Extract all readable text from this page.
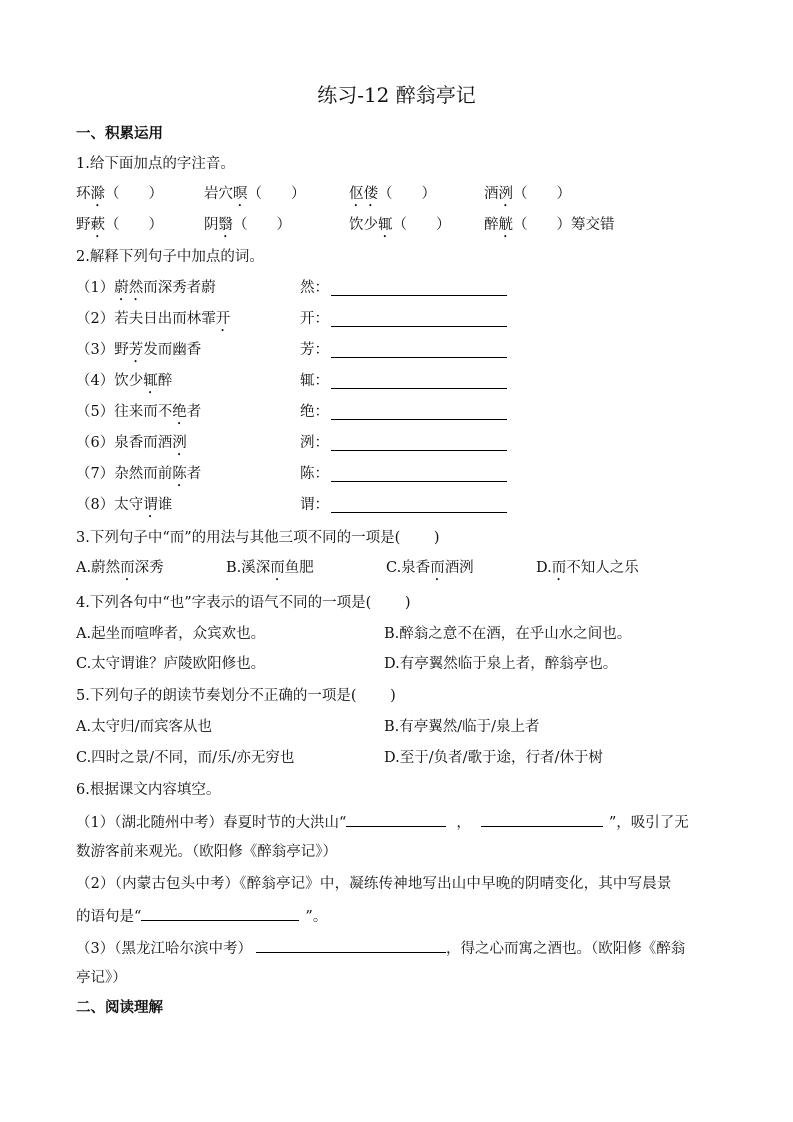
练习-12 醉翁亭记
一、积累运用
1.给下面加点的字注音。
环滁（　　）	岩穴暝（　　）	伛偻（　　）	酒洌（　　）
野蔌（　　）	阴翳（　　）	饮少辄（　　） 醉觥（　　）筹交错
2.解释下列句子中加点的词。
（1）蔚然而深秀者蔚	然：
（2）若夫日出而林霏开	开：
（3）野芳发而幽香	芳：
（4）饮少辄醉	辄：
（5）往来而不绝者	绝：
（6）泉香而酒洌	洌：
（7）杂然而前陈者	陈：
（8）太守谓谁	谓：
3.下列句子中“而”的用法与其他三项不同的一项是(　　 )
A.蔚然而深秀	B.溪深而鱼肥	C.泉香而酒洌	D.而不知人之乐
4.下列各句中“也”字表示的语气不同的一项是(　　 )
A.起坐而喧哗者，众宾欢也。	B.醉翁之意不在酒，在乎山水之间也。
C.太守谓谁？庐陵欧阳修也。	D.有亭翼然临于泉上者，醉翁亭也。
5.下列句子的朗读节奏划分不正确的一项是(　　 )
A.太守归/而宾客从也	B.有亭翼然/临于/泉上者
C.四时之景/不同，而/乐/亦无穷也	D.至于/负者/歌于途，行者/休于树
6.根据课文内容填空。
（1）（湖北随州中考）春夏时节的大洪山“	，	”，吸引了无
数游客前来观光。（欧阳修《醉翁亭记》）
（2）（内蒙古包头中考）《醉翁亭记》中，凝练传神地写出山中早晚的阴晴变化，其中写晨景
的语句是“	”。
（3）（黑龙江哈尔滨中考）	，得之心而寓之酒也。（欧阳修《醉翁
亭记》）
二、阅读理解
